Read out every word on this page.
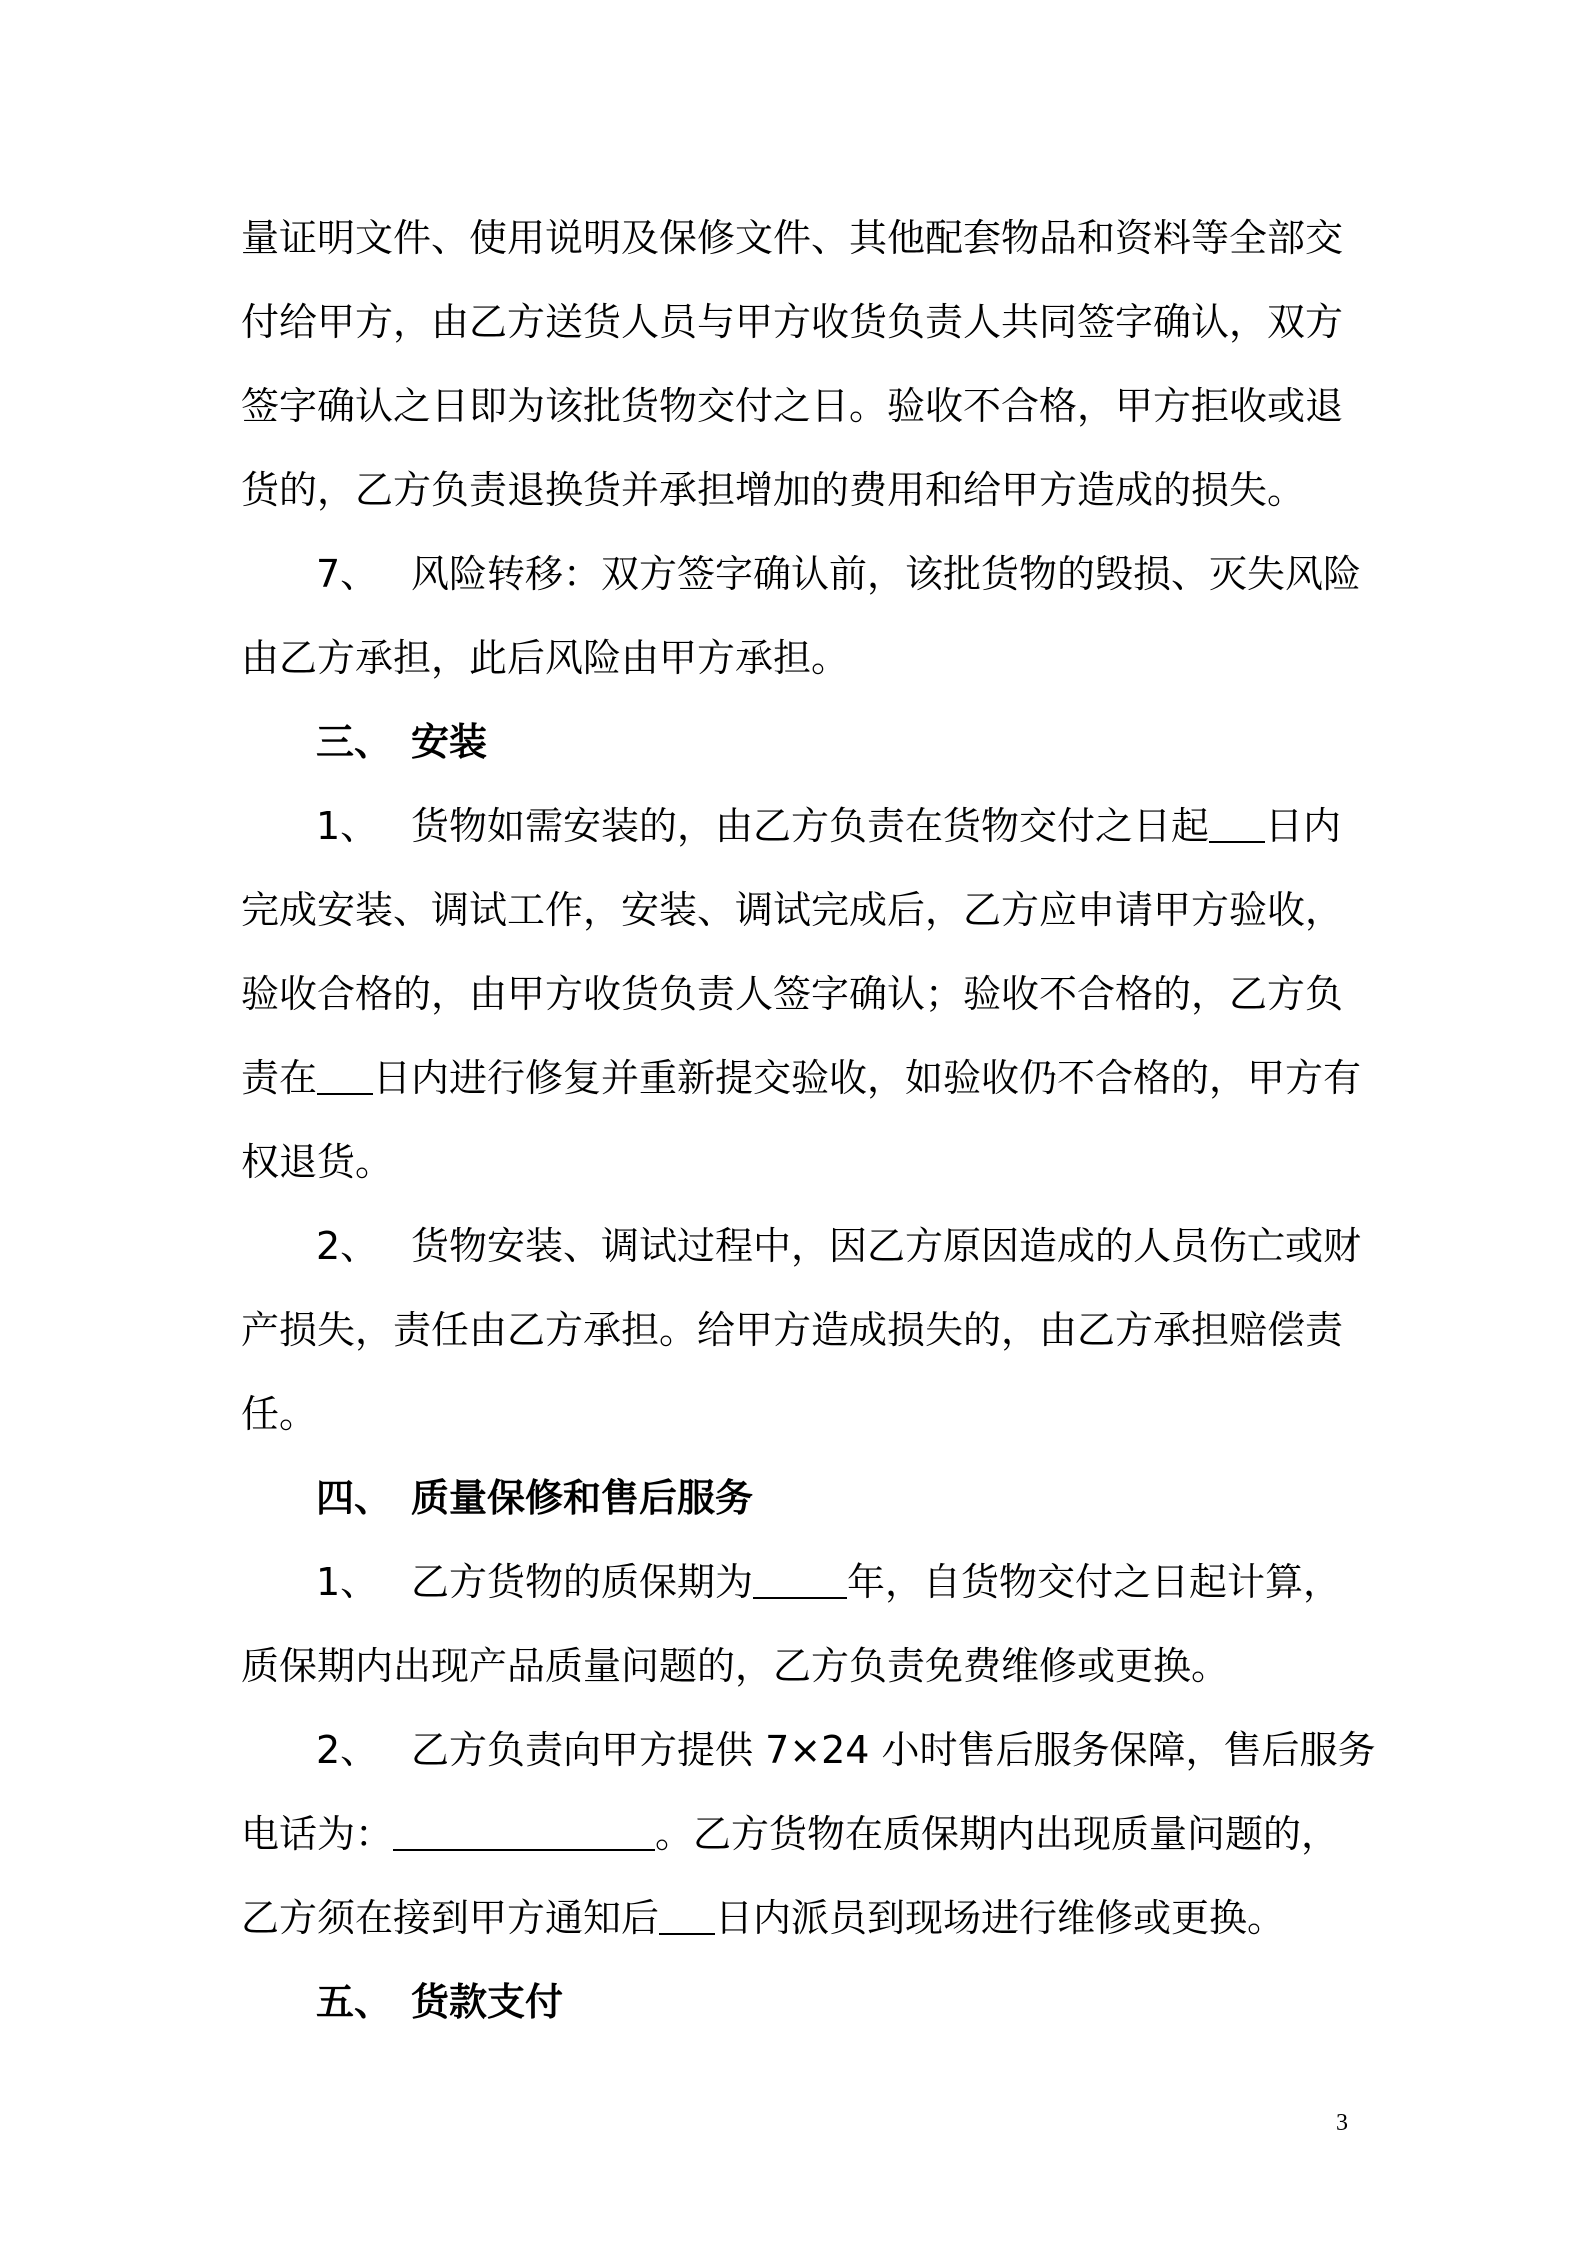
量证明文件、使用说明及保修文件、其他配套物品和资料等全部交
付给甲方，由乙方送货人员与甲方收货负责人共同签字确认，双方
签字确认之日即为该批货物交付之日。验收不合格，甲方拒收或退
货的，乙方负责退换货并承担增加的费用和给甲方造成的损失。
7、 风险转移：双方签字确认前，该批货物的毁损、灭失风险
由乙方承担，此后风险由甲方承担。
三、 安装
1、 货物如需安装的，由乙方负责在货物交付之日起 日内
完成安装、调试工作，安装、调试完成后，乙方应申请甲方验收，
验收合格的，由甲方收货负责人签字确认；验收不合格的，乙方负
责在 日内进行修复并重新提交验收，如验收仍不合格的，甲方有
权退货。
2、 货物安装、调试过程中，因乙方原因造成的人员伤亡或财
产损失，责任由乙方承担。给甲方造成损失的，由乙方承担赔偿责
任。
四、 质量保修和售后服务
1、 乙方货物的质保期为 年，自货物交付之日起计算，
质保期内出现产品质量问题的，乙方负责免费维修或更换。
2、 乙方负责向甲方提供 7×24 小时售后服务保障，售后服务
电话为：	。乙方货物在质保期内出现质量问题的，
乙方须在接到甲方通知后 日内派员到现场进行维修或更换。
五、 货款支付
3
